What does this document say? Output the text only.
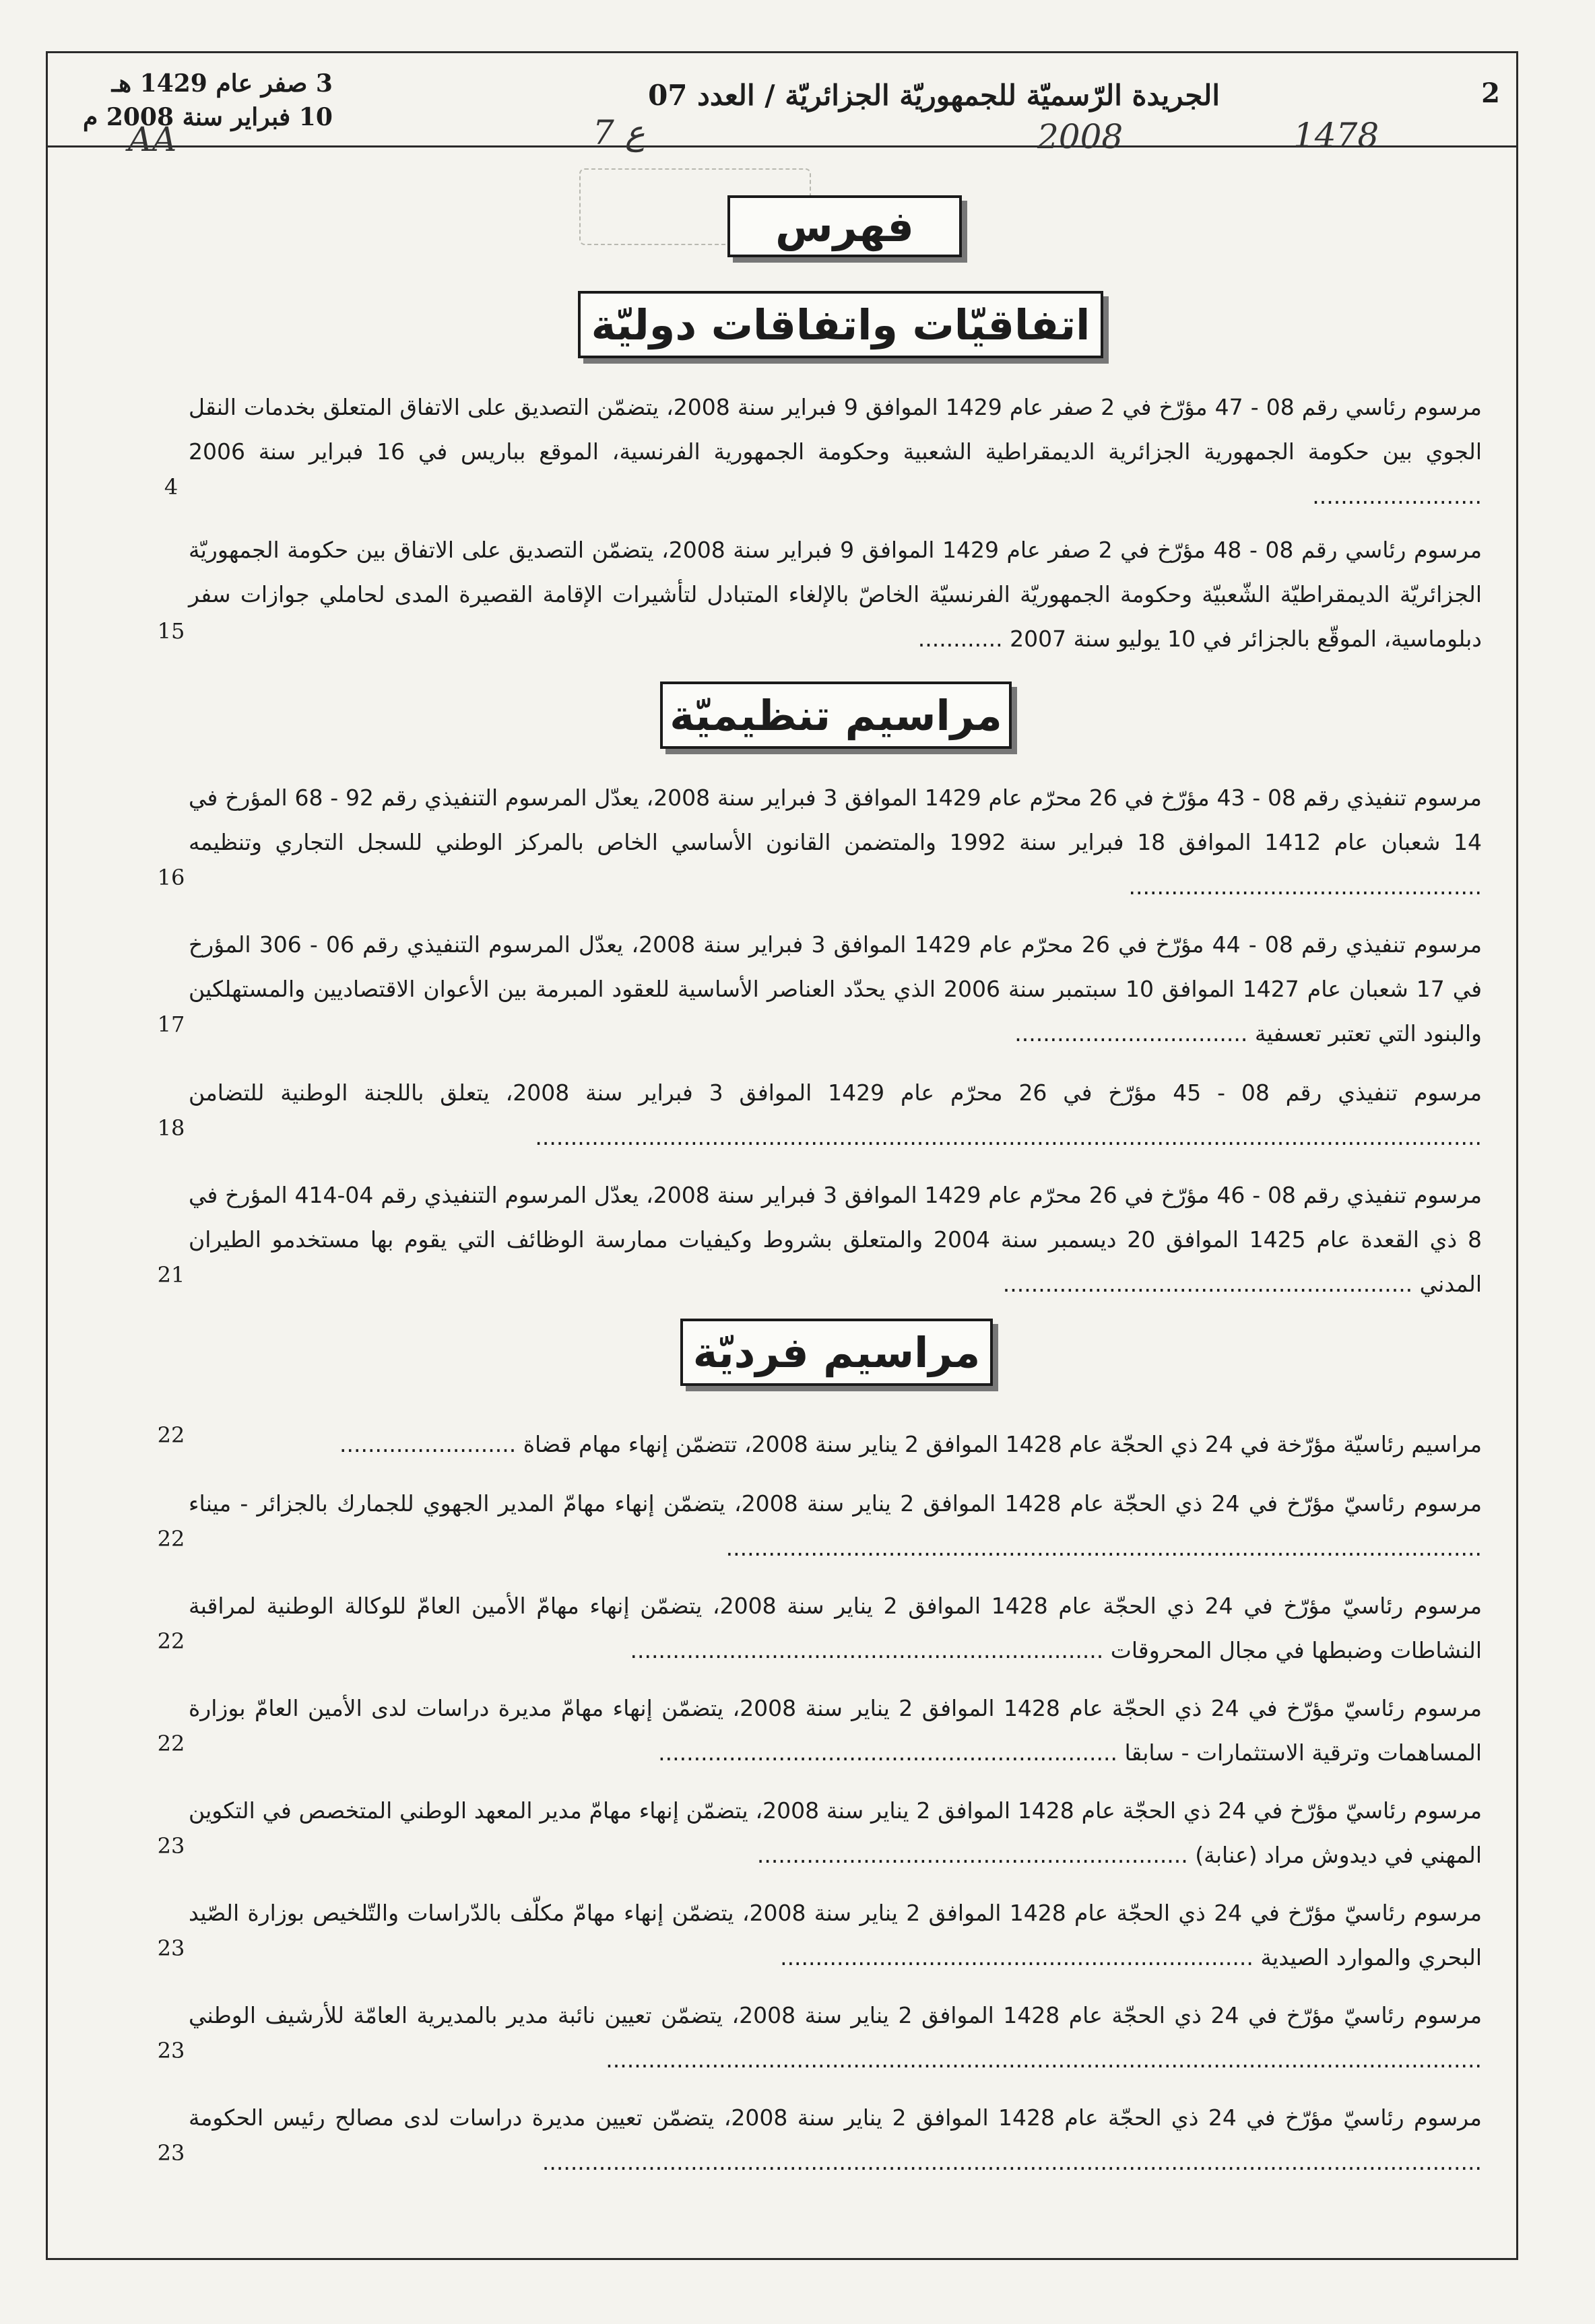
2
الجريدة الرّسميّة للجمهوريّة الجزائريّة / العدد 07
3 صفر عام 1429 هـ
10 فبراير سنة 2008 م
AA	7 ع	2008	1478
فهرس
اتفاقيّات واتفاقات دوليّة

مرسوم رئاسي رقم 08 - 47 مؤرّخ في 2 صفر عام 1429 الموافق 9 فبراير سنة 2008، يتضمّن التصديق على الاتفاق المتعلق بخدمات النقل الجوي بين حكومة الجمهورية الجزائرية الديمقراطية الشعبية وحكومة الجمهورية الفرنسية، الموقع بباريس في 16 فبراير سنة 2006 ........................

4

مرسوم رئاسي رقم 08 - 48 مؤرّخ في 2 صفر عام 1429 الموافق 9 فبراير سنة 2008، يتضمّن التصديق على الاتفاق بين حكومة الجمهوريّة الجزائريّة الديمقراطيّة الشّعبيّة وحكومة الجمهوريّة الفرنسيّة الخاصّ بالإلغاء المتبادل لتأشيرات الإقامة القصيرة المدى لحاملي جوازات سفر دبلوماسية، الموقّع بالجزائر في 10 يوليو سنة 2007 ............

15
مراسيم تنظيميّة

مرسوم تنفيذي رقم 08 - 43 مؤرّخ في 26 محرّم عام 1429 الموافق 3 فبراير سنة 2008، يعدّل المرسوم التنفيذي رقم 92 - 68 المؤرخ في 14 شعبان عام 1412 الموافق 18 فبراير سنة 1992 والمتضمن القانون الأساسي الخاص بالمركز الوطني للسجل التجاري وتنظيمه ..................................................

16

مرسوم تنفيذي رقم 08 - 44 مؤرّخ في 26 محرّم عام 1429 الموافق 3 فبراير سنة 2008، يعدّل المرسوم التنفيذي رقم 06 - 306 المؤرخ في 17 شعبان عام 1427 الموافق 10 سبتمبر سنة 2006 الذي يحدّد العناصر الأساسية للعقود المبرمة بين الأعوان الاقتصاديين والمستهلكين والبنود التي تعتبر تعسفية .................................

17

مرسوم تنفيذي رقم 08 - 45 مؤرّخ في 26 محرّم عام 1429 الموافق 3 فبراير سنة 2008، يتعلق باللجنة الوطنية للتضامن ......................................................................................................................................

18

مرسوم تنفيذي رقم 08 - 46 مؤرّخ في 26 محرّم عام 1429 الموافق 3 فبراير سنة 2008، يعدّل المرسوم التنفيذي رقم 04-414 المؤرخ في 8 ذي القعدة عام 1425 الموافق 20 ديسمبر سنة 2004 والمتعلق بشروط وكيفيات ممارسة الوظائف التي يقوم بها مستخدمو الطيران المدني ..........................................................

21
مراسيم فرديّة

مراسيم رئاسيّة مؤرّخة في 24 ذي الحجّة عام 1428 الموافق 2 يناير سنة 2008، تتضمّن إنهاء مهام قضاة .........................

22

مرسوم رئاسيّ مؤرّخ في 24 ذي الحجّة عام 1428 الموافق 2 يناير سنة 2008، يتضمّن إنهاء مهامّ المدير الجهوي للجمارك بالجزائر - ميناء ...........................................................................................................

22

مرسوم رئاسيّ مؤرّخ في 24 ذي الحجّة عام 1428 الموافق 2 يناير سنة 2008، يتضمّن إنهاء مهامّ الأمين العامّ للوكالة الوطنية لمراقبة النشاطات وضبطها في مجال المحروقات ...................................................................

22

مرسوم رئاسيّ مؤرّخ في 24 ذي الحجّة عام 1428 الموافق 2 يناير سنة 2008، يتضمّن إنهاء مهامّ مديرة دراسات لدى الأمين العامّ بوزارة المساهمات وترقية الاستثمارات - سابقا .................................................................

22

مرسوم رئاسيّ مؤرّخ في 24 ذي الحجّة عام 1428 الموافق 2 يناير سنة 2008، يتضمّن إنهاء مهامّ مدير المعهد الوطني المتخصص في التكوين المهني في ديدوش مراد (عنابة) .............................................................

23

مرسوم رئاسيّ مؤرّخ في 24 ذي الحجّة عام 1428 الموافق 2 يناير سنة 2008، يتضمّن إنهاء مهامّ مكلّف بالدّراسات والتّلخيص بوزارة الصّيد البحري والموارد الصيدية ...................................................................

23

مرسوم رئاسيّ مؤرّخ في 24 ذي الحجّة عام 1428 الموافق 2 يناير سنة 2008، يتضمّن تعيين نائبة مدير بالمديرية العامّة للأرشيف الوطني ............................................................................................................................

23

مرسوم رئاسيّ مؤرّخ في 24 ذي الحجّة عام 1428 الموافق 2 يناير سنة 2008، يتضمّن تعيين مديرة دراسات لدى مصالح رئيس الحكومة .....................................................................................................................................

23
